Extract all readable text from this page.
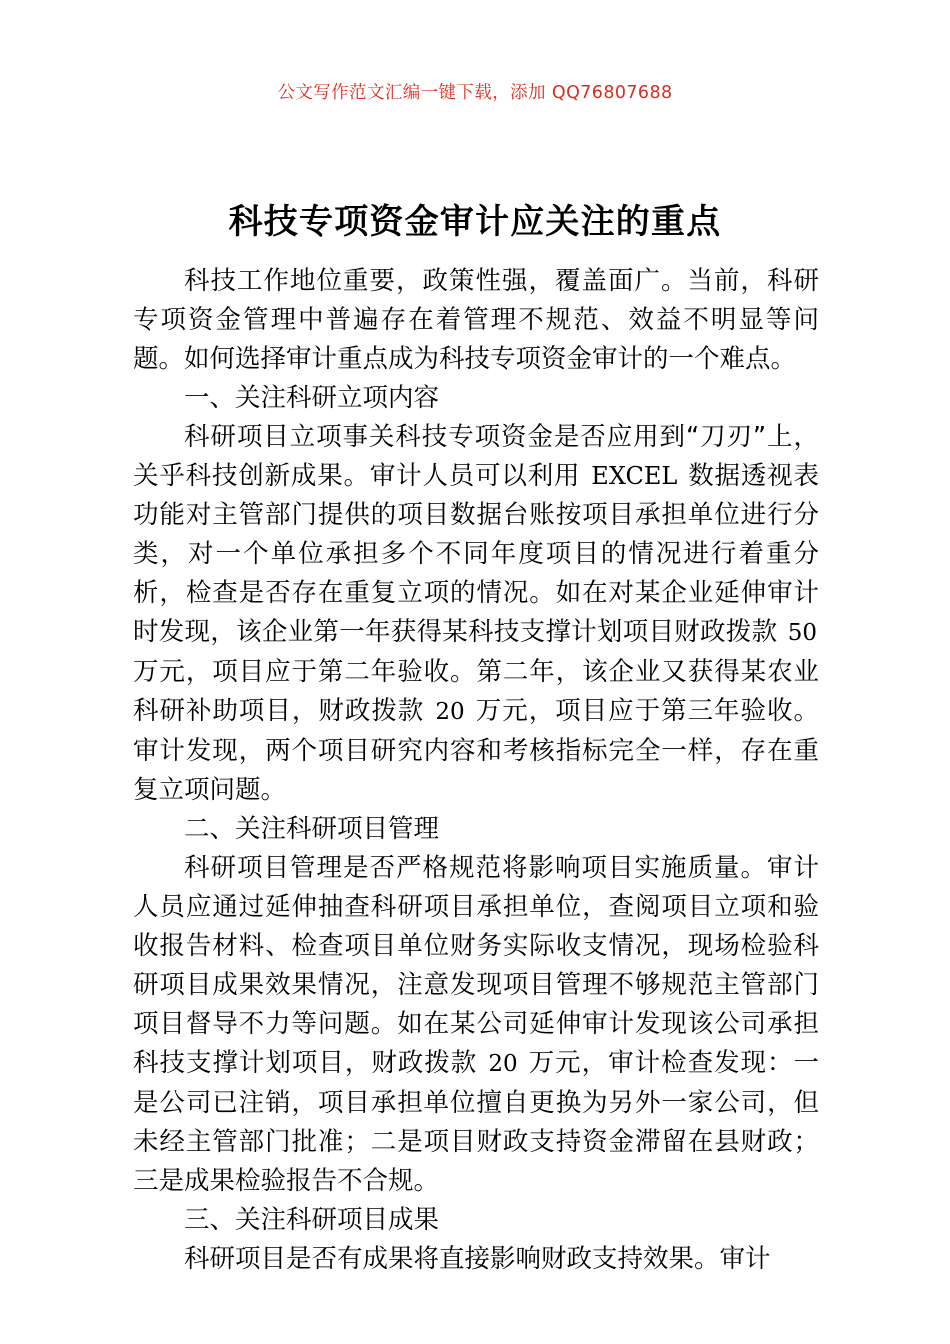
公文写作范文汇编一键下载，添加 QQ76807688
科技专项资金审计应关注的重点

科技工作地位重要，政策性强，覆盖面广。当前，科研专项资金管理中普遍存在着管理不规范、效益不明显等问题。如何选择审计重点成为科技专项资金审计的一个难点。

一、关注科研立项内容

科研项目立项事关科技专项资金是否应用到“刀刃”上，关乎科技创新成果。审计人员可以利用 EXCEL 数据透视表功能对主管部门提供的项目数据台账按项目承担单位进行分类，对一个单位承担多个不同年度项目的情况进行着重分析，检查是否存在重复立项的情况。如在对某企业延伸审计时发现，该企业第一年获得某科技支撑计划项目财政拨款 50 万元，项目应于第二年验收。第二年，该企业又获得某农业科研补助项目，财政拨款 20 万元，项目应于第三年验收。审计发现，两个项目研究内容和考核指标完全一样，存在重复立项问题。

二、关注科研项目管理

科研项目管理是否严格规范将影响项目实施质量。审计人员应通过延伸抽查科研项目承担单位，查阅项目立项和验收报告材料、检查项目单位财务实际收支情况，现场检验科研项目成果效果情况，注意发现项目管理不够规范主管部门项目督导不力等问题。如在某公司延伸审计发现该公司承担科技支撑计划项目，财政拨款 20 万元，审计检查发现：一是公司已注销，项目承担单位擅自更换为另外一家公司，但未经主管部门批准；二是项目财政支持资金滞留在县财政；三是成果检验报告不合规。

三、关注科研项目成果

科研项目是否有成果将直接影响财政支持效果。审计
